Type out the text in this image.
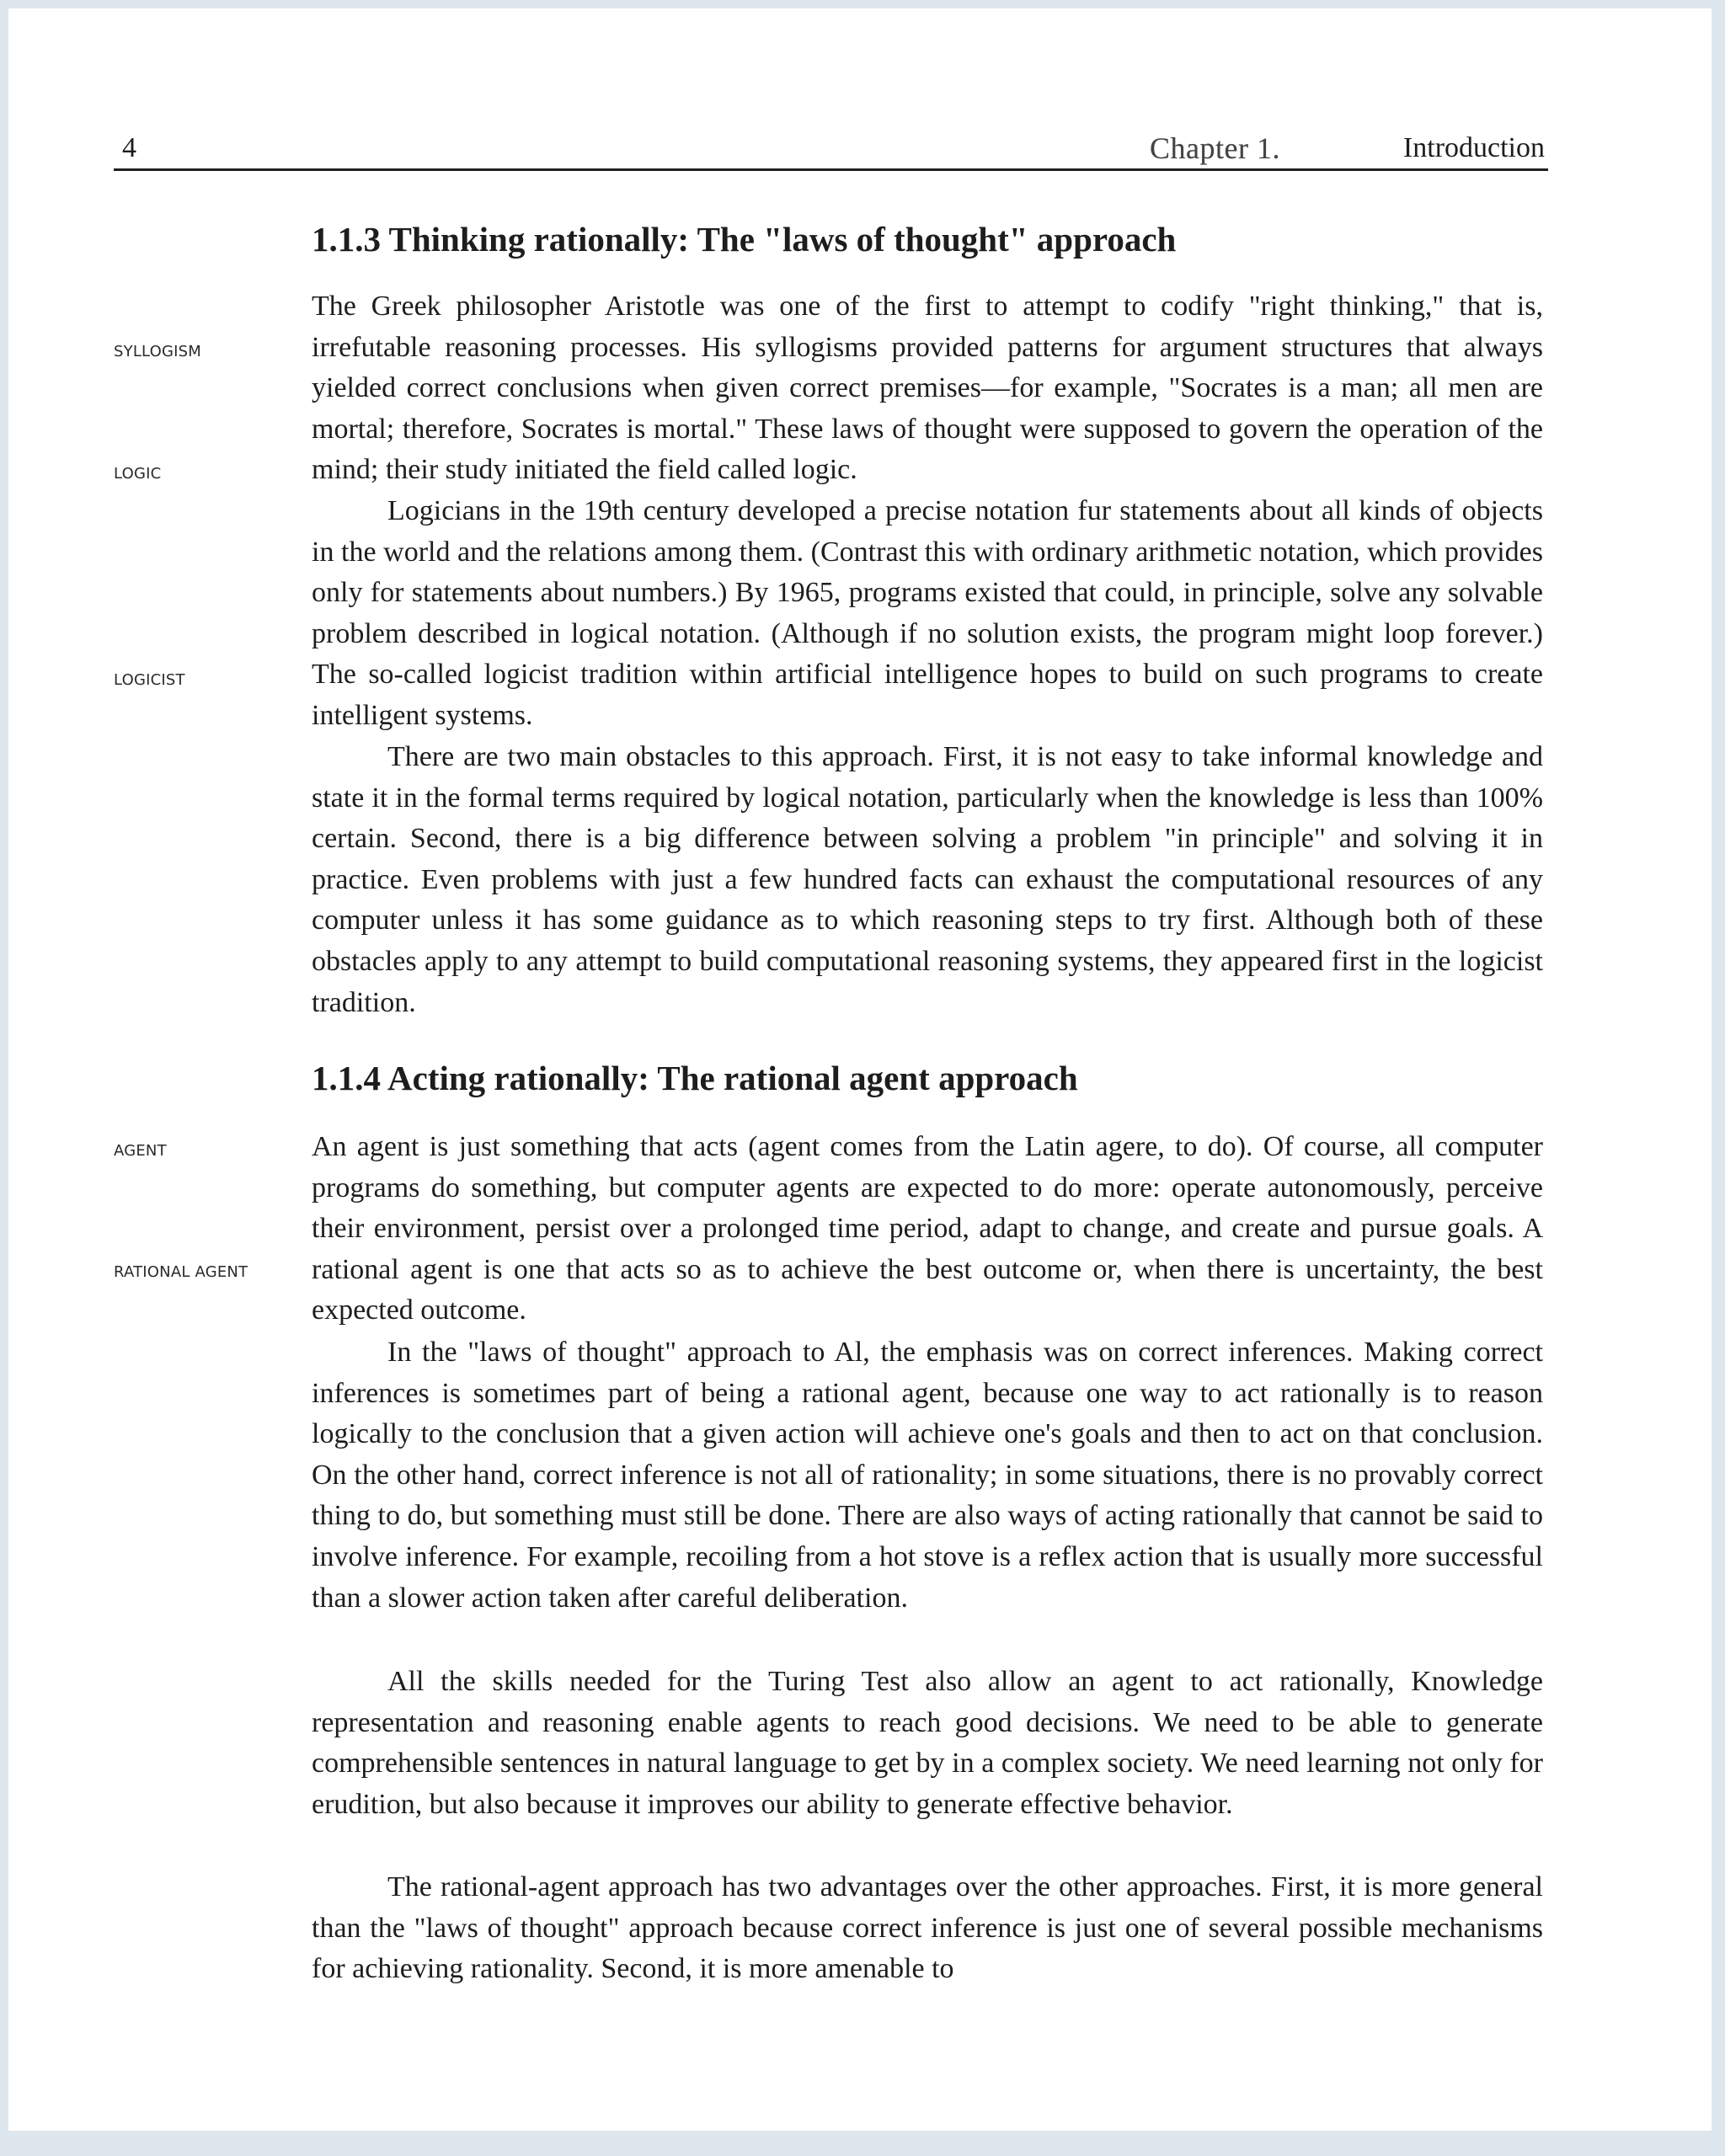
4	Chapter 1.	Introduction
SYLLOGISM
LOGIC
LOGICIST
AGENT
RATIONAL AGENT
1.1.3 Thinking rationally: The "laws of thought" approach

The Greek philosopher Aristotle was one of the first to attempt to codify "right thinking," that is, irrefutable reasoning processes. His syllogisms provided patterns for argument structures that always yielded correct conclusions when given correct premises—for example, "Socrates is a man; all men are mortal; therefore, Socrates is mortal." These laws of thought were supposed to govern the operation of the mind; their study initiated the field called logic.

Logicians in the 19th century developed a precise notation fur statements about all kinds of objects in the world and the relations among them. (Contrast this with ordinary arithmetic notation, which provides only for statements about numbers.) By 1965, programs existed that could, in principle, solve any solvable problem described in logical notation. (Although if no solution exists, the program might loop forever.) The so-called logicist tradition within artificial intelligence hopes to build on such programs to create intelligent systems.

There are two main obstacles to this approach. First, it is not easy to take informal knowledge and state it in the formal terms required by logical notation, particularly when the knowledge is less than 100% certain. Second, there is a big difference between solving a problem "in principle" and solving it in practice. Even problems with just a few hundred facts can exhaust the computational resources of any computer unless it has some guidance as to which reasoning steps to try first. Although both of these obstacles apply to any attempt to build computational reasoning systems, they appeared first in the logicist tradition.

1.1.4 Acting rationally: The rational agent approach

An agent is just something that acts (agent comes from the Latin agere, to do). Of course, all computer programs do something, but computer agents are expected to do more: operate autonomously, perceive their environment, persist over a prolonged time period, adapt to change, and create and pursue goals. A rational agent is one that acts so as to achieve the best outcome or, when there is uncertainty, the best expected outcome.

In the "laws of thought" approach to Al, the emphasis was on correct inferences. Making correct inferences is sometimes part of being a rational agent, because one way to act rationally is to reason logically to the conclusion that a given action will achieve one's goals and then to act on that conclusion. On the other hand, correct inference is not all of rationality; in some situations, there is no provably correct thing to do, but something must still be done. There are also ways of acting rationally that cannot be said to involve inference. For example, recoiling from a hot stove is a reflex action that is usually more successful than a slower action taken after careful deliberation.

All the skills needed for the Turing Test also allow an agent to act rationally, Knowledge representation and reasoning enable agents to reach good decisions. We need to be able to generate comprehensible sentences in natural language to get by in a complex society. We need learning not only for erudition, but also because it improves our ability to generate effective behavior.

The rational-agent approach has two advantages over the other approaches. First, it is more general than the "laws of thought" approach because correct inference is just one of several possible mechanisms for achieving rationality. Second, it is more amenable to
